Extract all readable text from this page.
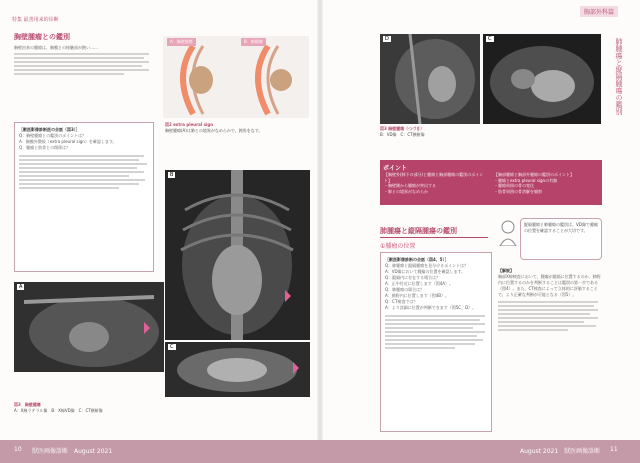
特集 最善用来的诊断
胸壁腫瘤との鑑別
胸壁由来の腫瘍は、胸膜との接触部が鈍い……
［獣医影像診断医の会話（図3）］
Q：胸壁腫瘍との鑑別のポイントは？
A：胸膜外徴候（extra pleural sign）を確認します。
Q：腫瘤と肋骨との関係は？
A：胸壁腫瘍	B：肺腫瘍
図2 extra pleural sign
胸壁腫瘍(A)は肺との境界がなめらかで、鈍角をなす。
B
A
C
図3　胸壁腫瘍
A：X線ラテラル像　B：X線VD像　C：CT横断像
胸部外科篇
D	C
図3 胸壁腫瘍（つづき）
B：VD像　C：CT横断像
ポイント
【胸壁外(肺下の部分)と腫瘍と胸部腫瘍の鑑別のポイント】
・胸壁側から腫瘍が突出する
・肺との境界がなめらか
【胸部腫瘍と胸部外腫瘍の鑑別のポイント】
・腫瘤とextra pleural signの有無
・腫瘍周囲の骨の変化
・肋骨周囲の骨溶解を観察
肺腫瘍と縦隔腫瘍の鑑別
①腫瘤の位置
［獣医影像診断の会話（図4、5）］
Q：肺腫瘍と縦隔腫瘍を見分けるポイントは？
A：VD像において腫瘤の位置を確認します。
Q：縦隔内に存在する場合は？
A：正中付近に位置します（図4A）。
Q：肺腫瘍の場合は？
A：肺野内に位置します（図4B）。
Q：CT検査では？
A：より詳細に位置が判断できます（図5C、D）。
縦隔腫瘍と肺腫瘍の鑑別は、VD像で腫瘤の位置を確認することが大切です。
【解説】
胸部X線検査において、腫瘤が縦隔に位置するのか、肺野内に位置するのかを判断することは鑑別の第一歩である（図4）。また、CT検査によって立体的に評価することで、より正確な判断が可能となる（図5）。
肺腫瘍と縦隔腫瘍の鑑別
10 獣医画像診断　August 2021	August 2021　獣医画像診断 11
